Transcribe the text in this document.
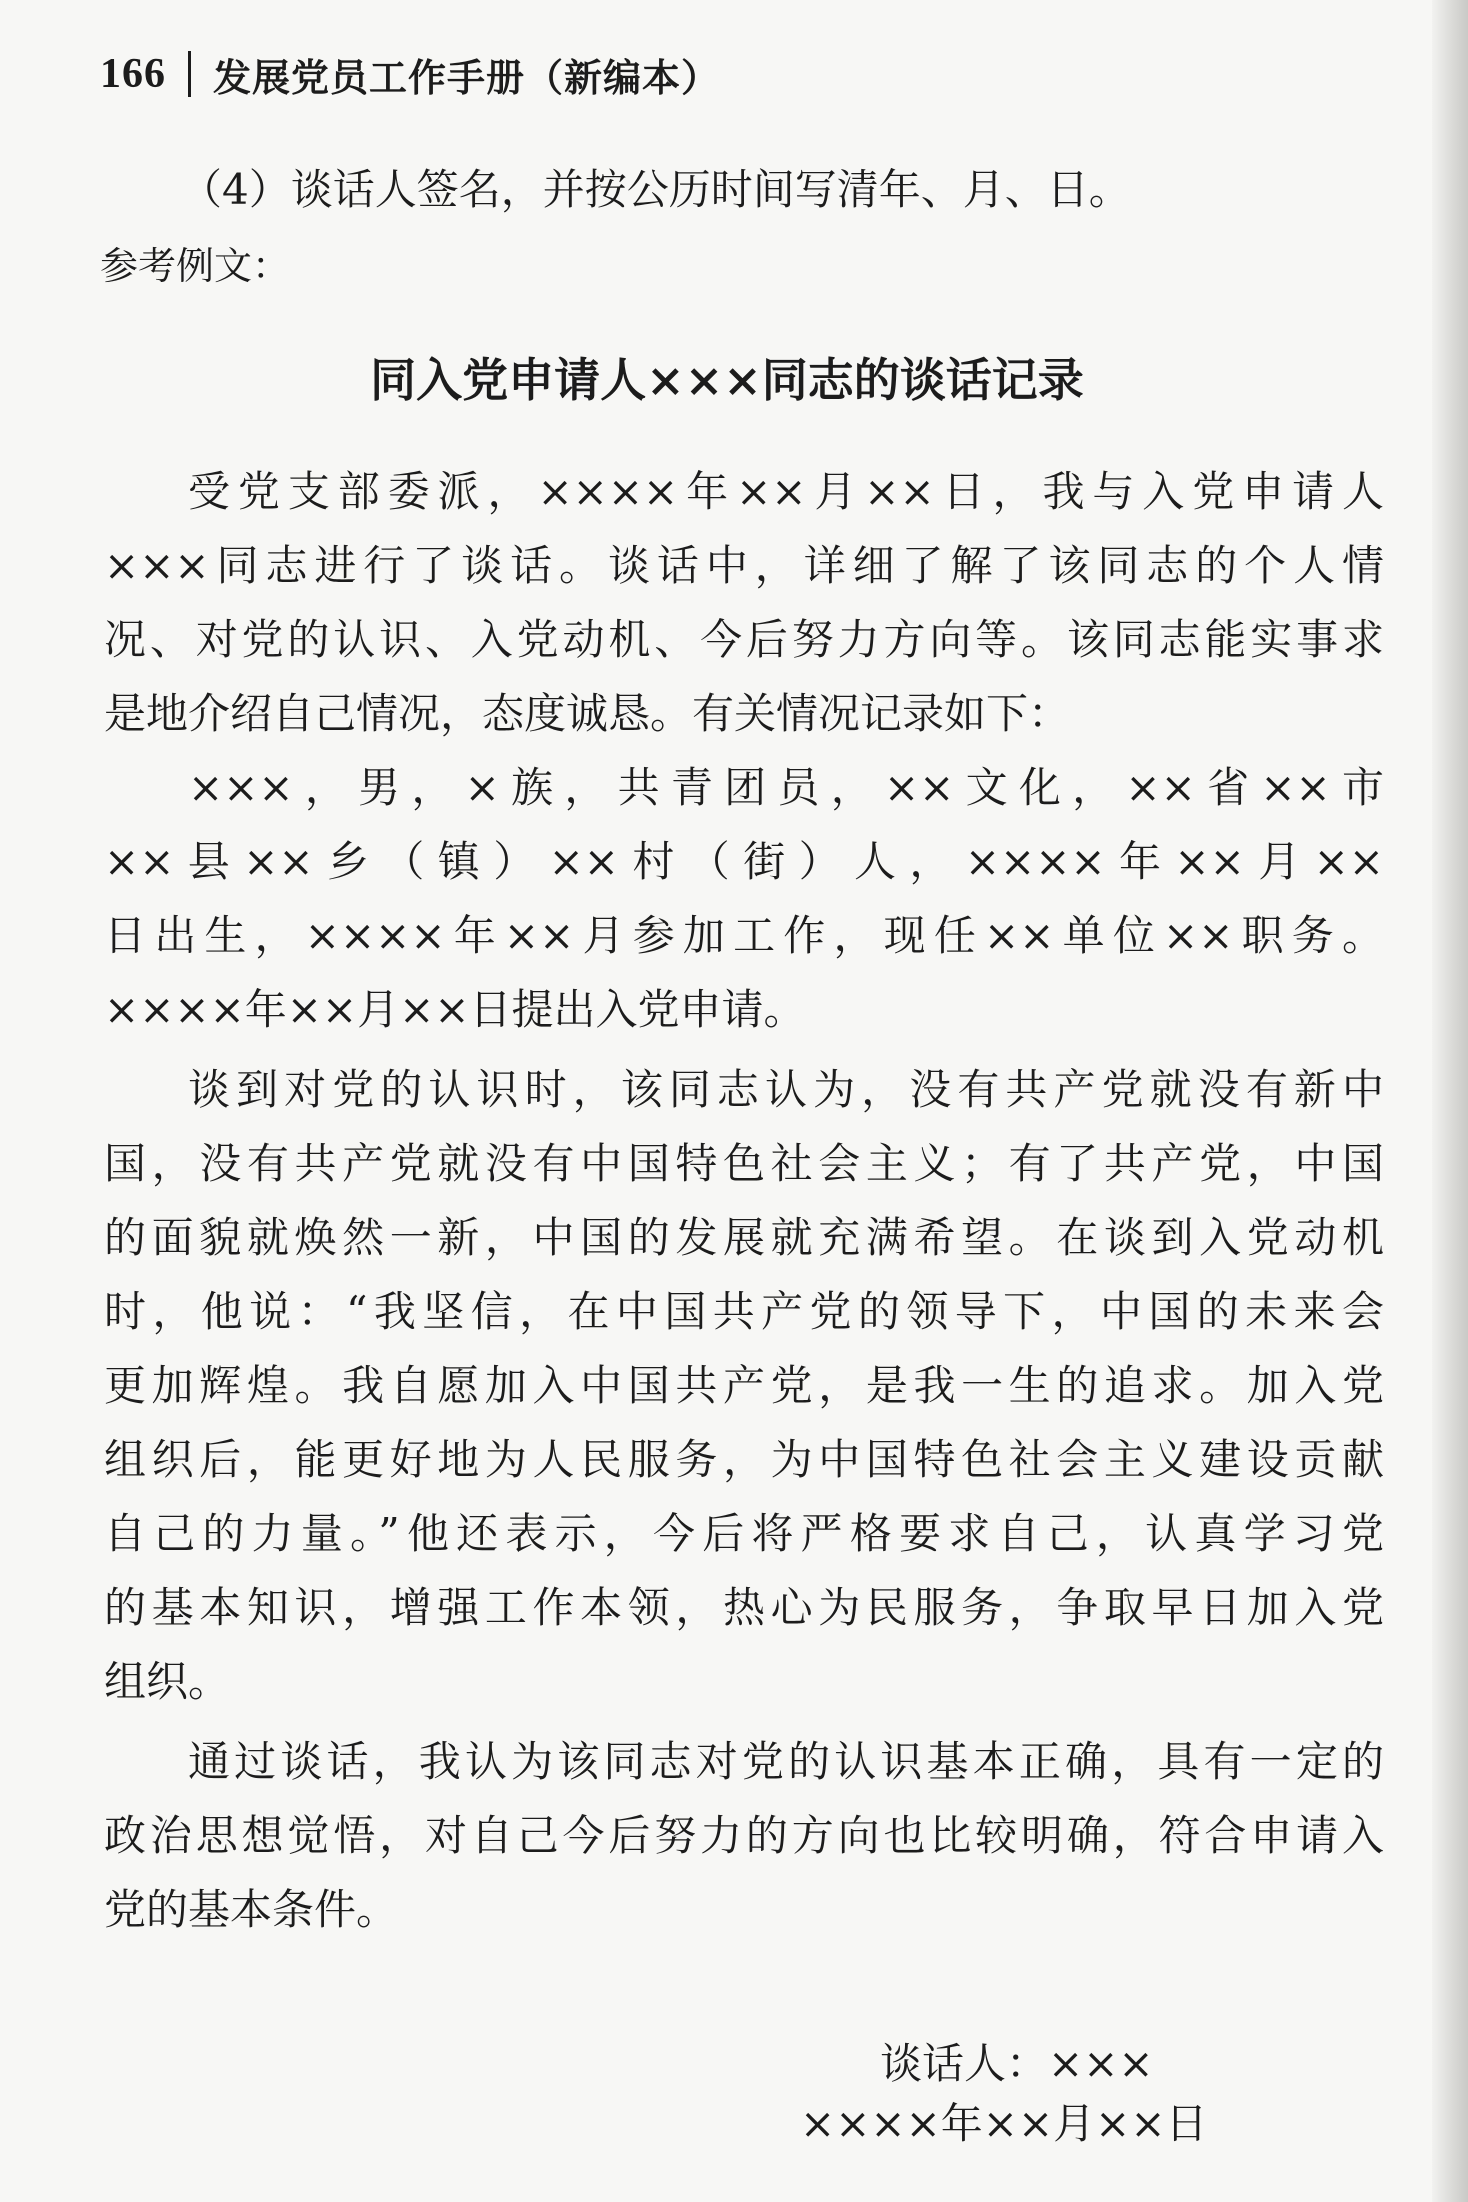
166 发展党员工作手册（新编本）
（4）谈话人签名，并按公历时间写清年、月、日。
参考例文：
同入党申请人×××同志的谈话记录
受党支部委派，××××年××月××日，我与入党申请人
×××同志进行了谈话。谈话中，详细了解了该同志的个人情
况、对党的认识、入党动机、今后努力方向等。该同志能实事求
是地介绍自己情况，态度诚恳。有关情况记录如下：
×××，男，×族，共青团员，××文化，××省××市
××县××乡（镇）××村（街）人，××××年××月××
日出生，××××年××月参加工作，现任××单位××职务。
××××年××月××日提出入党申请。
谈到对党的认识时，该同志认为，没有共产党就没有新中
国，没有共产党就没有中国特色社会主义；有了共产党，中国
的面貌就焕然一新，中国的发展就充满希望。在谈到入党动机
时，他说：“我坚信，在中国共产党的领导下，中国的未来会
更加辉煌。我自愿加入中国共产党，是我一生的追求。加入党
组织后，能更好地为人民服务，为中国特色社会主义建设贡献
自己的力量。”他还表示，今后将严格要求自己，认真学习党
的基本知识，增强工作本领，热心为民服务，争取早日加入党
组织。
通过谈话，我认为该同志对党的认识基本正确，具有一定的
政治思想觉悟，对自己今后努力的方向也比较明确，符合申请入
党的基本条件。
谈话人：×××
××××年××月××日
